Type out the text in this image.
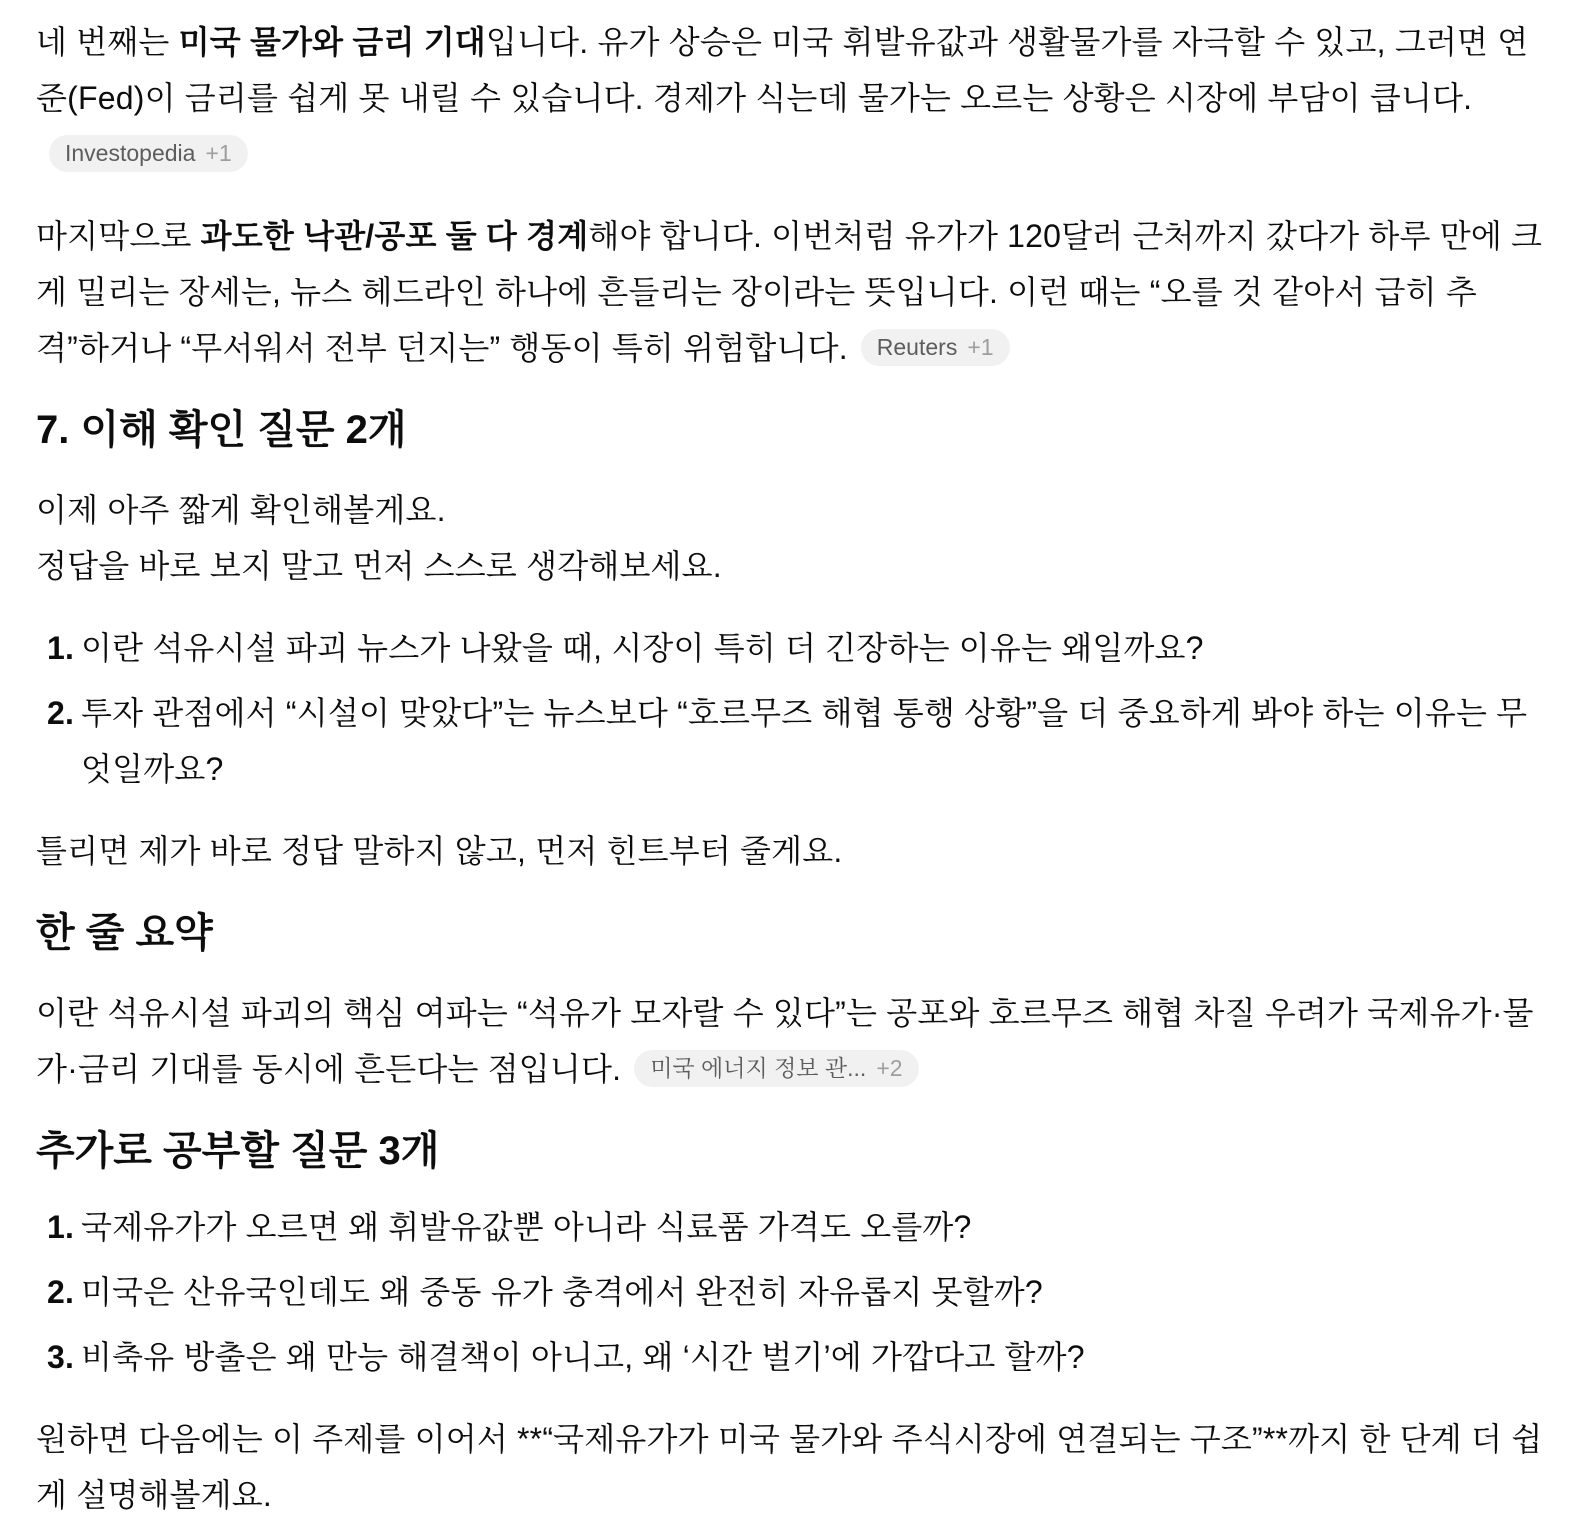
네 번째는 미국 물가와 금리 기대입니다. 유가 상승은 미국 휘발유값과 생활물가를 자극할 수 있고, 그러면 연준(Fed)이 금리를 쉽게 못 내릴 수 있습니다. 경제가 식는데 물가는 오르는 상황은 시장에 부담이 큽니다.
Investopedia +1

마지막으로 과도한 낙관/공포 둘 다 경계해야 합니다. 이번처럼 유가가 120달러 근처까지 갔다가 하루 만에 크게 밀리는 장세는, 뉴스 헤드라인 하나에 흔들리는 장이라는 뜻입니다. 이런 때는 “오를 것 같아서 급히 추격”하거나 “무서워서 전부 던지는” 행동이 특히 위험합니다. Reuters +1

7. 이해 확인 질문 2개

이제 아주 짧게 확인해볼게요.
정답을 바로 보지 말고 먼저 스스로 생각해보세요.

1. 이란 석유시설 파괴 뉴스가 나왔을 때, 시장이 특히 더 긴장하는 이유는 왜일까요?
2. 투자 관점에서 “시설이 맞았다”는 뉴스보다 “호르무즈 해협 통행 상황”을 더 중요하게 봐야 하는 이유는 무엇일까요?

틀리면 제가 바로 정답 말하지 않고, 먼저 힌트부터 줄게요.

한 줄 요약

이란 석유시설 파괴의 핵심 여파는 “석유가 모자랄 수 있다”는 공포와 호르무즈 해협 차질 우려가 국제유가·물가·금리 기대를 동시에 흔든다는 점입니다. 미국 에너지 정보 관... +2

추가로 공부할 질문 3개
1. 국제유가가 오르면 왜 휘발유값뿐 아니라 식료품 가격도 오를까?
2. 미국은 산유국인데도 왜 중동 유가 충격에서 완전히 자유롭지 못할까?
3. 비축유 방출은 왜 만능 해결책이 아니고, 왜 ‘시간 벌기’에 가깝다고 할까?

원하면 다음에는 이 주제를 이어서 **“국제유가가 미국 물가와 주식시장에 연결되는 구조”**까지 한 단계 더 쉽게 설명해볼게요.
